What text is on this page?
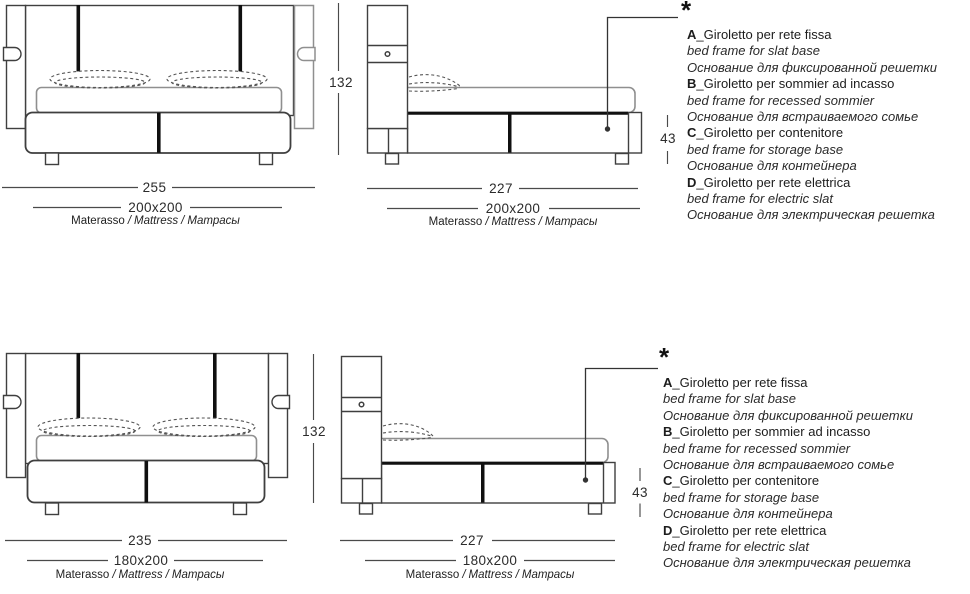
255
200x200
Materasso / Mattress / Матрасы
227
200x200
Materasso / Mattress / Матрасы
132
43
*
A_Giroletto per rete fissa
bed frame for slat base
Основание для фиксированной решетки
B_Giroletto per sommier ad incasso
bed frame for recessed sommier
Основание для встраиваемого сомье
C_Giroletto per contenitore
bed frame for storage base
Основание для контейнера
D_Giroletto per rete elettrica
bed frame for electric slat
Основание для электрическая решетка
235
180x200
Materasso / Mattress / Матрасы
227
180x200
Materasso / Mattress / Матрасы
132
43
*
A_Giroletto per rete fissa
bed frame for slat base
Основание для фиксированной решетки
B_Giroletto per sommier ad incasso
bed frame for recessed sommier
Основание для встраиваемого сомье
C_Giroletto per contenitore
bed frame for storage base
Основание для контейнера
D_Giroletto per rete elettrica
bed frame for electric slat
Основание для электрическая решетка
